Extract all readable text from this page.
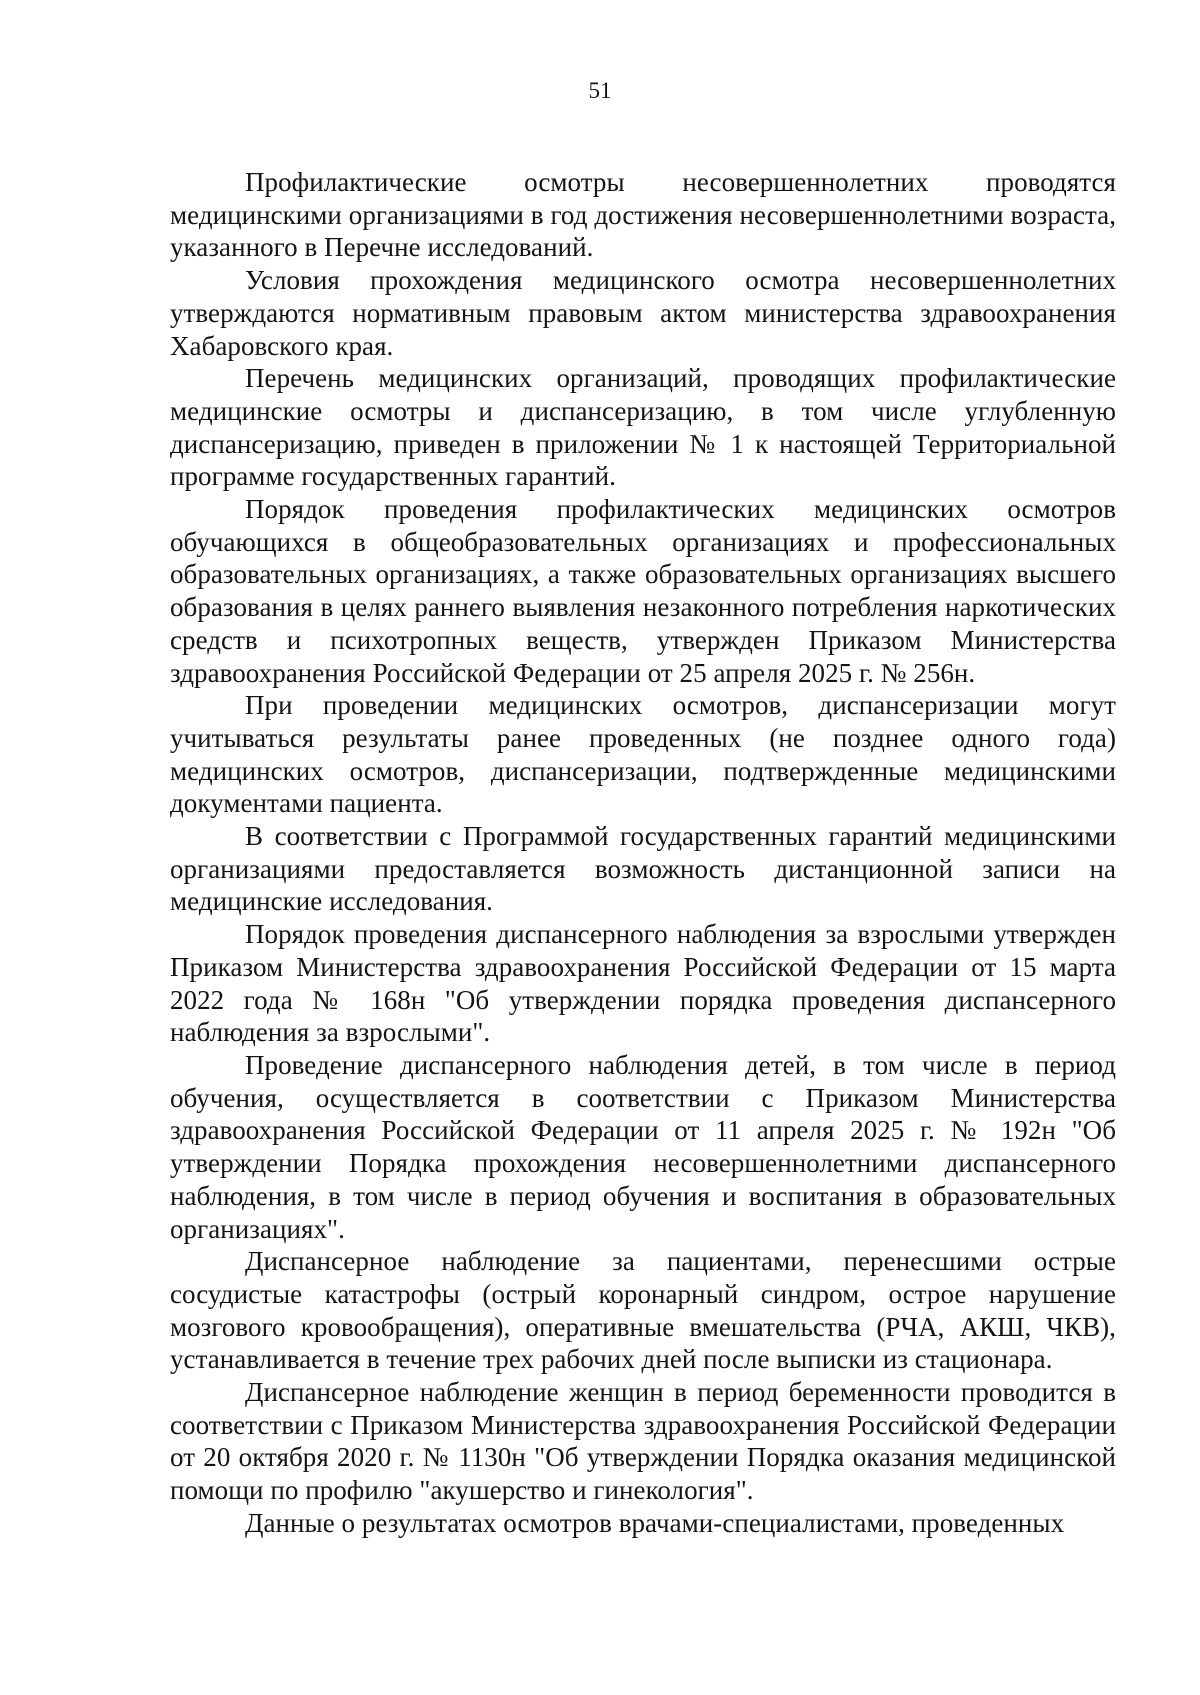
51

Профилактические осмотры несовершеннолетних проводятся медицинскими организациями в год достижения несовершеннолетними возраста, указанного в Перечне исследований.

Условия прохождения медицинского осмотра несовершеннолетних утверждаются нормативным правовым актом министерства здравоохранения Хабаровского края.

Перечень медицинских организаций, проводящих профилактические медицинские осмотры и диспансеризацию, в том числе углубленную диспансеризацию, приведен в приложении № 1 к настоящей Территориальной программе государственных гарантий.

Порядок проведения профилактических медицинских осмотров обучающихся в общеобразовательных организациях и профессиональных образовательных организациях, а также образовательных организациях высшего образования в целях раннего выявления незаконного потребления наркотических средств и психотропных веществ, утвержден Приказом Министерства здравоохранения Российской Федерации от 25 апреля 2025 г. № 256н.

При проведении медицинских осмотров, диспансеризации могут учитываться результаты ранее проведенных (не позднее одного года) медицинских осмотров, диспансеризации, подтвержденные медицинскими документами пациента.

В соответствии с Программой государственных гарантий медицинскими организациями предоставляется возможность дистанционной записи на медицинские исследования.

Порядок проведения диспансерного наблюдения за взрослыми утвержден Приказом Министерства здравоохранения Российской Федерации от 15 марта 2022 года № 168н "Об утверждении порядка проведения диспансерного наблюдения за взрослыми".

Проведение диспансерного наблюдения детей, в том числе в период обучения, осуществляется в соответствии с Приказом Министерства здравоохранения Российской Федерации от 11 апреля 2025 г. № 192н "Об утверждении Порядка прохождения несовершеннолетними диспансерного наблюдения, в том числе в период обучения и воспитания в образовательных организациях".

Диспансерное наблюдение за пациентами, перенесшими острые сосудистые катастрофы (острый коронарный синдром, острое нарушение мозгового кровообращения), оперативные вмешательства (РЧА, АКШ, ЧКВ), устанавливается в течение трех рабочих дней после выписки из стационара.

Диспансерное наблюдение женщин в период беременности проводится в соответствии с Приказом Министерства здравоохранения Российской Федерации от 20 октября 2020 г. № 1130н "Об утверждении Порядка оказания медицинской помощи по профилю "акушерство и гинекология".

Данные о результатах осмотров врачами-специалистами, проведенных
